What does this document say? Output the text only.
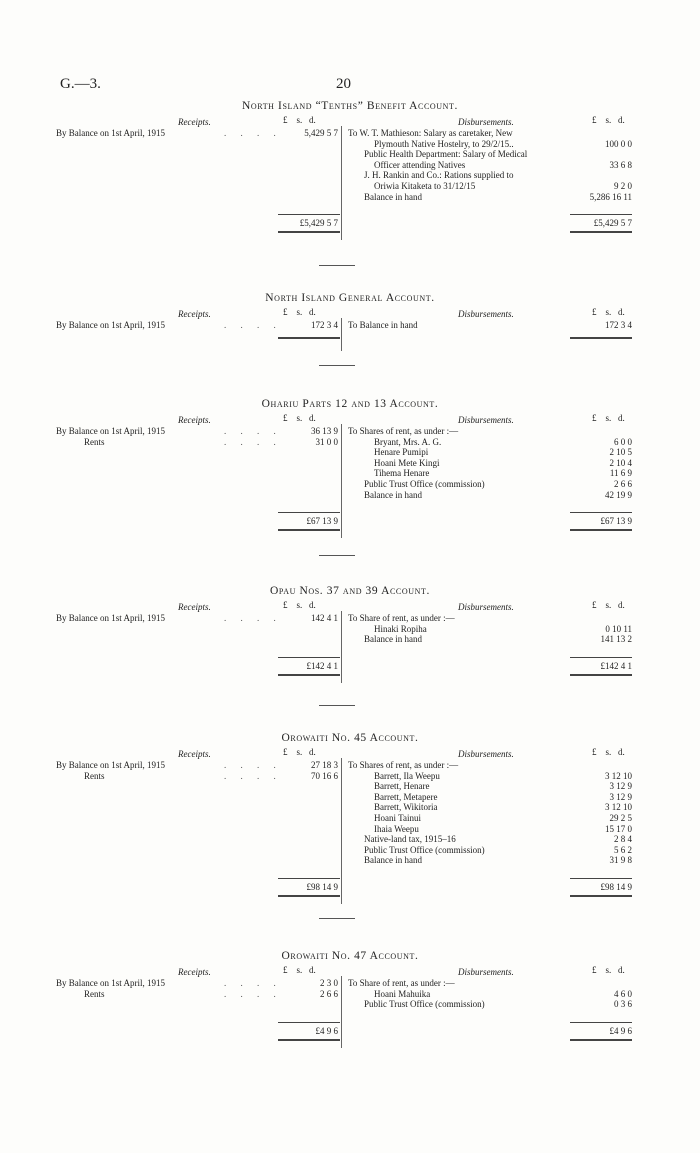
G.—3.	20
North Island “Tenths” Benefit Account.
Receipts.	Disbursements.
£    s.   d.	£    s.   d.
By Balance on 1st April, 1915	. . . .	5,429 5 7 To W. T. Mathieson: Salary as caretaker, New
Plymouth Native Hostelry, to 29/2/15..	100 0 0
Public Health Department: Salary of Medical
Officer attending Natives	33 6 8
J. H. Rankin and Co.: Rations supplied to
Oriwia Kitaketa to 31/12/15	9 2 0
Balance in hand	5,286 16 11
£5,429 5 7	£5,429 5 7
North Island General Account.
Receipts.	Disbursements.
£    s.   d.	£    s.   d.
By Balance on 1st April, 1915	. . . .	172 3 4 To Balance in hand	172 3 4
Ohariu Parts 12 and 13 Account.
Receipts.	Disbursements.
£    s.   d.	£    s.   d.
By Balance on 1st April, 1915	. . . .	36 13 9
Rents	. . . .	31 0 0
To Shares of rent, as under :—
Bryant, Mrs. A. G.	6 0 0
Henare Pumipi	2 10 5
Hoani Mete Kingi	2 10 4
Tihema Henare	11 6 9
Public Trust Office (commission)	2 6 6
Balance in hand	42 19 9
£67 13 9	£67 13 9
Opau Nos. 37 and 39 Account.
Receipts.	Disbursements.
£    s.   d.	£    s.   d.
By Balance on 1st April, 1915	. . . .	142 4 1 To Share of rent, as under :—
Hinaki Ropiha	0 10 11
Balance in hand	141 13 2
£142 4 1	£142 4 1
Orowaiti No. 45 Account.
Receipts.	Disbursements.
£    s.   d.	£    s.   d.
By Balance on 1st April, 1915	. . . .	27 18 3
Rents	. . . .	70 16 6
To Shares of rent, as under :—
Barrett, Ila Weepu	3 12 10
Barrett, Henare	3 12 9
Barrett, Metapere	3 12 9
Barrett, Wikitoria	3 12 10
Hoani Tainui	29 2 5
Ihaia Weepu	15 17 0
Native-land tax, 1915–16	2 8 4
Public Trust Office (commission)	5 6 2
Balance in hand	31 9 8
£98 14 9	£98 14 9
Orowaiti No. 47 Account.
Receipts.	Disbursements.
£    s.   d.	£    s.   d.
By Balance on 1st April, 1915	. . . .	2 3 0
Rents	. . . .	2 6 6
To Share of rent, as under :—
Hoani Mahuika	4 6 0
Public Trust Office (commission)	0 3 6
£4 9 6	£4 9 6
